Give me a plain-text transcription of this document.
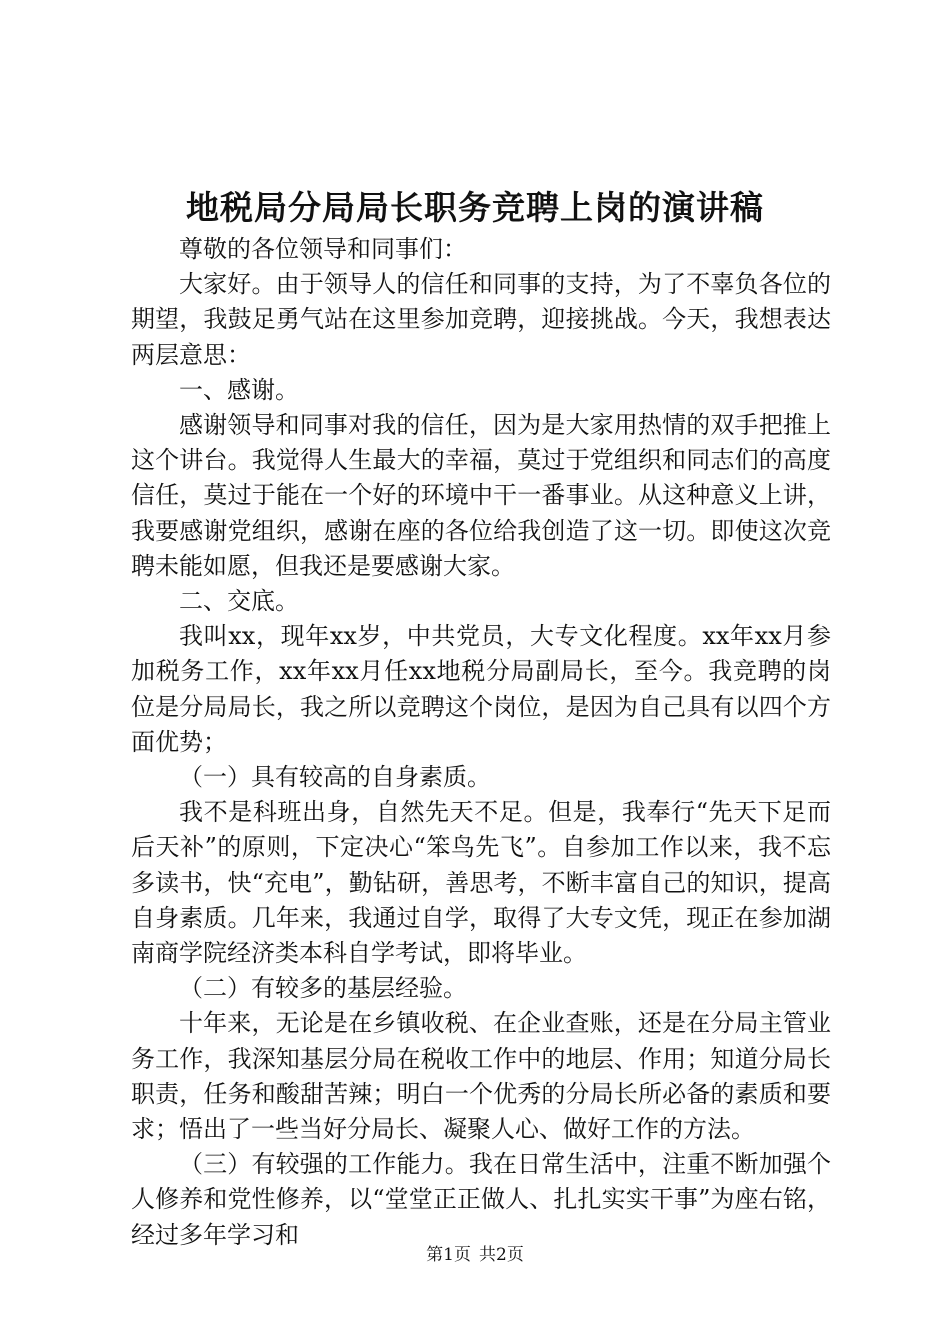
地税局分局局长职务竞聘上岗的演讲稿

尊敬的各位领导和同事们：

大家好。由于领导人的信任和同事的支持，为了不辜负各位的期望，我鼓足勇气站在这里参加竞聘，迎接挑战。今天，我想表达两层意思：

一、感谢。

感谢领导和同事对我的信任，因为是大家用热情的双手把推上这个讲台。我觉得人生最大的幸福，莫过于党组织和同志们的高度信任，莫过于能在一个好的环境中干一番事业。从这种意义上讲，我要感谢党组织，感谢在座的各位给我创造了这一切。即使这次竞聘未能如愿，但我还是要感谢大家。

二、交底。

我叫xx，现年xx岁，中共党员，大专文化程度。xx年xx月参加税务工作，xx年xx月任xx地税分局副局长，至今。我竞聘的岗位是分局局长，我之所以竞聘这个岗位，是因为自己具有以四个方面优势；

（一）具有较高的自身素质。

我不是科班出身，自然先天不足。但是，我奉行“先天下足而后天补”的原则，下定决心“笨鸟先飞”。自参加工作以来，我不忘多读书，快“充电”，勤钻研，善思考，不断丰富自己的知识，提高自身素质。几年来，我通过自学，取得了大专文凭，现正在参加湖南商学院经济类本科自学考试，即将毕业。

（二）有较多的基层经验。

十年来，无论是在乡镇收税、在企业查账，还是在分局主管业务工作，我深知基层分局在税收工作中的地层、作用；知道分局长职责，任务和酸甜苦辣；明白一个优秀的分局长所必备的素质和要求；悟出了一些当好分局长、凝聚人心、做好工作的方法。

（三）有较强的工作能力。我在日常生活中，注重不断加强个人修养和党性修养，以“堂堂正正做人、扎扎实实干事”为座右铭，经过多年学习和

第1页 共2页
